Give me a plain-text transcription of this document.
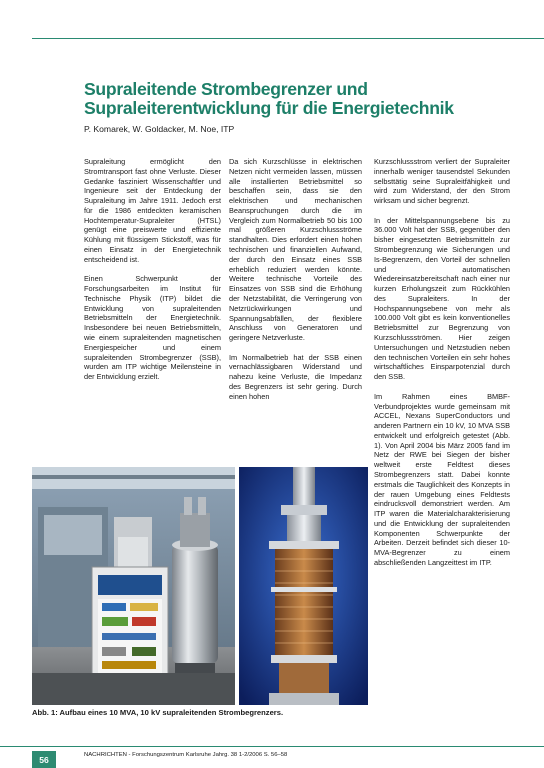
Supraleitende Strombegrenzer und
Supraleiterentwicklung für die Energietechnik
P. Komarek, W. Goldacker, M. Noe, ITP

Supraleitung ermöglicht den Stromtransport fast ohne Verluste. Dieser Gedanke fasziniert Wissenschaftler und Ingenieure seit der Entdeckung der Supraleitung im Jahre 1911. Jedoch erst für die 1986 entdeckten keramischen Hochtemperatur-Supraleiter (HTSL) genügt eine preiswerte und effiziente Kühlung mit flüssigem Stickstoff, was für einen Einsatz in der Energietechnik entscheidend ist.

Einen Schwerpunkt der Forschungsarbeiten im Institut für Technische Physik (ITP) bildet die Entwicklung von supraleitenden Betriebsmitteln der Energietechnik. Insbesondere bei neuen Betriebsmitteln, wie einem supraleitenden magnetischen Energiespeicher und einem supraleitenden Strombegrenzer (SSB), wurden am ITP wichtige Meilensteine in der Entwicklung erzielt.

Da sich Kurzschlüsse in elektrischen Netzen nicht vermeiden lassen, müssen alle installierten Betriebsmittel so beschaffen sein, dass sie den elektrischen und mechanischen Beanspruchungen durch die im Vergleich zum Normalbetrieb 50 bis 100 mal größeren Kurzschlussströme standhalten. Dies erfordert einen hohen technischen und finanziellen Aufwand, der durch den Einsatz eines SSB erheblich reduziert werden könnte. Weitere technische Vorteile des Einsatzes von SSB sind die Erhöhung der Netzstabilität, die Verringerung von Netzrückwirkungen und Spannungsabfällen, der flexiblere Anschluss von Generatoren und geringere Netzverluste.

Im Normalbetrieb hat der SSB einen vernachlässigbaren Widerstand und nahezu keine Verluste, die Impedanz des Begrenzers ist sehr gering. Durch einen hohen

Kurzschlussstrom verliert der Supraleiter innerhalb weniger tausendstel Sekunden selbsttätig seine Supraleitfähigkeit und wird zum Widerstand, der den Strom wirksam und sicher begrenzt.

In der Mittelspannungsebene bis zu 36.000 Volt hat der SSB, gegenüber den bisher eingesetzten Betriebsmitteln zur Strombegrenzung wie Sicherungen und Is-Begrenzern, den Vorteil der schnellen und automatischen Wiedereinsatzbereitschaft nach einer nur kurzen Erholungszeit zum Rückkühlen des Supraleiters. In der Hochspannungsebene von mehr als 100.000 Volt gibt es kein konventionelles Betriebsmittel zur Begrenzung von Kurzschlussströmen. Hier zeigen Untersuchungen und Netzstudien neben den technischen Vorteilen ein sehr hohes wirtschaftliches Einsparpotenzial durch den SSB.

Im Rahmen eines BMBF-Verbundprojektes wurde gemeinsam mit ACCEL, Nexans SuperConductors und anderen Partnern ein 10 kV, 10 MVA SSB entwickelt und erfolgreich getestet (Abb. 1). Von April 2004 bis März 2005 fand im Netz der RWE bei Siegen der bisher weltweit erste Feldtest dieses Strombegrenzers statt. Dabei konnte erstmals die Tauglichkeit des Konzepts in der rauen Umgebung eines Feldtests eindrucksvoll demonstriert werden. Am ITP waren die Materialcharakterisierung und die Entwicklung der supraleitenden Komponenten Schwerpunkte der Arbeiten. Derzeit befindet sich dieser 10-MVA-Begrenzer zu einem abschließenden Langzeittest im ITP.

Abb. 1: Aufbau eines 10 MVA, 10 kV supraleitenden Strombegrenzers.
56	NACHRICHTEN - Forschungszentrum Karlsruhe Jahrg. 38 1-2/2006 S. 56–58
